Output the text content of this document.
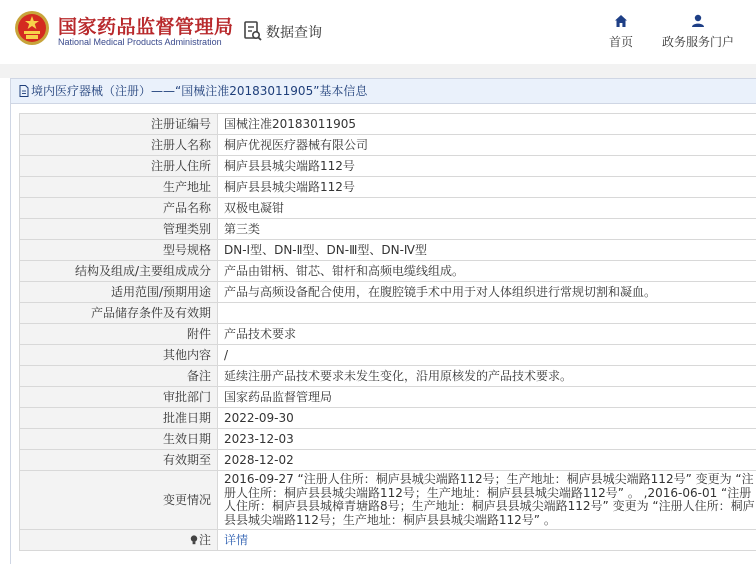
国家药品监督管理局
National Medical Products Administration
数据查询
首页	政务服务门户
境内医疗器械（注册）——“国械注准20183011905”基本信息
注册证编号	国械注准20183011905
注册人名称	桐庐优视医疗器械有限公司
注册人住所	桐庐县县城尖端路112号
生产地址	桐庐县县城尖端路112号
产品名称	双极电凝钳
管理类别	第三类
型号规格	DN-Ⅰ型、DN-Ⅱ型、DN-Ⅲ型、DN-Ⅳ型
结构及组成/主要组成成分	产品由钳柄、钳芯、钳杆和高频电缆线组成。
适用范围/预期用途	产品与高频设备配合使用，在腹腔镜手术中用于对人体组织进行常规切割和凝血。
产品储存条件及有效期	
附件	产品技术要求
其他内容	/
备注	延续注册产品技术要求未发生变化，沿用原核发的产品技术要求。
审批部门	国家药品监督管理局
批准日期	2022-09-30
生效日期	2023-12-03
有效期至	2028-12-02
变更情况	2016-09-27 “注册人住所：桐庐县城尖端路112号；生产地址：桐庐县城尖端路112号” 变更为 “注册人住所：桐庐县县城尖端路112号；生产地址：桐庐县县城尖端路112号” 。 ,2016-06-01 “注册人住所：桐庐县县城樟青塘路8号；生产地址：桐庐县县城尖端路112号” 变更为 “注册人住所：桐庐县县城尖端路112号；生产地址：桐庐县县城尖端路112号” 。
注	详情
